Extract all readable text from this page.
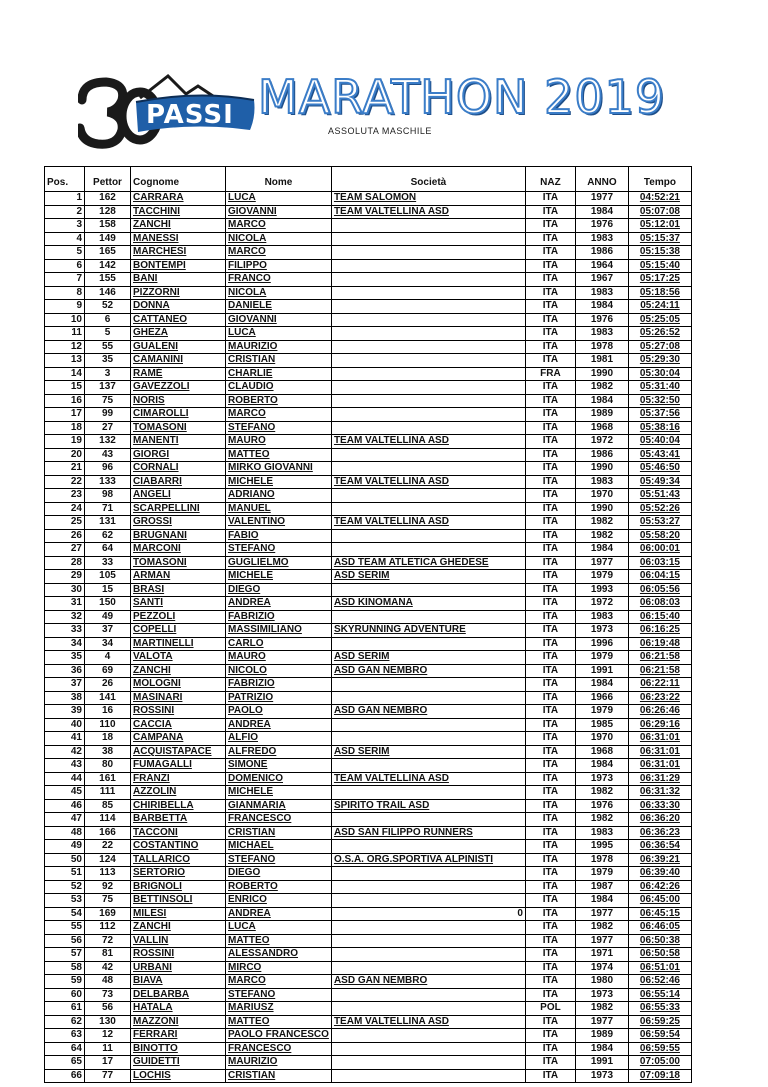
PASSI MARATHON 2019
ASSOLUTA MASCHILE
Pos.	Pettor	Cognome	Nome	Società	NAZ	ANNO	Tempo
1	162	CARRARA	LUCA	TEAM SALOMON	ITA	1977	04:52:21
2	128	TACCHINI	GIOVANNI	TEAM VALTELLINA ASD	ITA	1984	05:07:08
3	158	ZANCHI	MARCO		ITA	1976	05:12:01
4	149	MANESSI	NICOLA		ITA	1983	05:15:37
5	165	MARCHESI	MARCO		ITA	1986	05:15:38
6	142	BONTEMPI	FILIPPO		ITA	1964	05:15:40
7	155	BANI	FRANCO		ITA	1967	05:17:25
8	146	PIZZORNI	NICOLA		ITA	1983	05:18:56
9	52	DONNA	DANIELE		ITA	1984	05:24:11
10	6	CATTANEO	GIOVANNI		ITA	1976	05:25:05
11	5	GHEZA	LUCA		ITA	1983	05:26:52
12	55	GUALENI	MAURIZIO		ITA	1978	05:27:08
13	35	CAMANINI	CRISTIAN		ITA	1981	05:29:30
14	3	RAMÉ	CHARLIE		FRA	1990	05:30:04
15	137	GAVEZZOLI	CLAUDIO		ITA	1982	05:31:40
16	75	NORIS	ROBERTO		ITA	1984	05:32:50
17	99	CIMAROLLI	MARCO		ITA	1989	05:37:56
18	27	TOMASONI	STEFANO		ITA	1968	05:38:16
19	132	MANENTI	MAURO	TEAM VALTELLINA ASD	ITA	1972	05:40:04
20	43	GIORGI	MATTEO		ITA	1986	05:43:41
21	96	CORNALI	MIRKO GIOVANNI		ITA	1990	05:46:50
22	133	CIABARRI	MICHELE	TEAM VALTELLINA ASD	ITA	1983	05:49:34
23	98	ANGELI	ADRIANO		ITA	1970	05:51:43
24	71	SCARPELLINI	MANUEL		ITA	1990	05:52:26
25	131	GROSSI	VALENTINO	TEAM VALTELLINA ASD	ITA	1982	05:53:27
26	62	BRUGNANI	FABIO		ITA	1982	05:58:20
27	64	MARCONI	STEFANO		ITA	1984	06:00:01
28	33	TOMASONI	GUGLIELMO	ASD TEAM ATLETICA GHEDESE	ITA	1977	06:03:15
29	105	ARMAN	MICHELE	ASD SERIM	ITA	1979	06:04:15
30	15	BRASI	DIEGO		ITA	1993	06:05:56
31	150	SANTI	ANDREA	ASD KINOMANA	ITA	1972	06:08:03
32	49	PEZZOLI	FABRIZIO		ITA	1983	06:15:40
33	37	COPELLI	MASSIMILIANO	SKYRUNNING ADVENTURE	ITA	1973	06:16:25
34	34	MARTINELLI	CARLO		ITA	1996	06:19:48
35	4	VALOTA	MAURO	ASD SERIM	ITA	1979	06:21:58
36	69	ZANCHI	NICOLÒ	ASD GAN NEMBRO	ITA	1991	06:21:58
37	26	MOLOGNI	FABRIZIO		ITA	1984	06:22:11
38	141	MASINARI	PATRIZIO		ITA	1966	06:23:22
39	16	ROSSINI	PAOLO	ASD GAN NEMBRO	ITA	1979	06:26:46
40	110	CACCIA	ANDREA		ITA	1985	06:29:16
41	18	CAMPANA	ALFIO		ITA	1970	06:31:01
42	38	ACQUISTAPACE	ALFREDO	ASD SERIM	ITA	1968	06:31:01
43	80	FUMAGALLI	SIMONE		ITA	1984	06:31:01
44	161	FRANZI	DOMENICO	TEAM VALTELLINA ASD	ITA	1973	06:31:29
45	111	AZZOLIN	MICHELE		ITA	1982	06:31:32
46	85	CHIRIBELLA	GIANMARIA	SPIRITO TRAIL ASD	ITA	1976	06:33:30
47	114	BARBETTA	FRANCESCO		ITA	1982	06:36:20
48	166	TACCONI	CRISTIAN	ASD SAN FILIPPO RUNNERS	ITA	1983	06:36:23
49	22	COSTANTINO	MICHAEL		ITA	1995	06:36:54
50	124	TALLARICO	STEFANO	O.S.A. ORG.SPORTIVA ALPINISTI	ITA	1978	06:39:21
51	113	SERTORIO	DIEGO		ITA	1979	06:39:40
52	92	BRIGNOLI	ROBERTO		ITA	1987	06:42:26
53	75	BETTINSOLI	ENRICO		ITA	1984	06:45:00
54	169	MILESI	ANDREA	0	ITA	1977	06:45:15
55	112	ZANCHI	LUCA		ITA	1982	06:46:05
56	72	VALLIN	MATTEO		ITA	1977	06:50:38
57	81	ROSSINI	ALESSANDRO		ITA	1971	06:50:58
58	42	URBANI	MIRCO		ITA	1974	06:51:01
59	48	BIAVA	MARCO	ASD GAN NEMBRO	ITA	1980	06:52:46
60	73	DELBARBA	STEFANO		ITA	1973	06:55:14
61	56	HATALA	MARIUSZ		POL	1982	06:55:33
62	130	MAZZONI	MATTEO	TEAM VALTELLINA ASD	ITA	1977	06:59:25
63	12	FERRARI	PAOLO FRANCESCO		ITA	1989	06:59:54
64	11	BINOTTO	FRANCESCO		ITA	1984	06:59:55
65	17	GUIDETTI	MAURIZIO		ITA	1991	07:05:00
66	77	LOCHIS	CRISTIAN		ITA	1973	07:09:18
